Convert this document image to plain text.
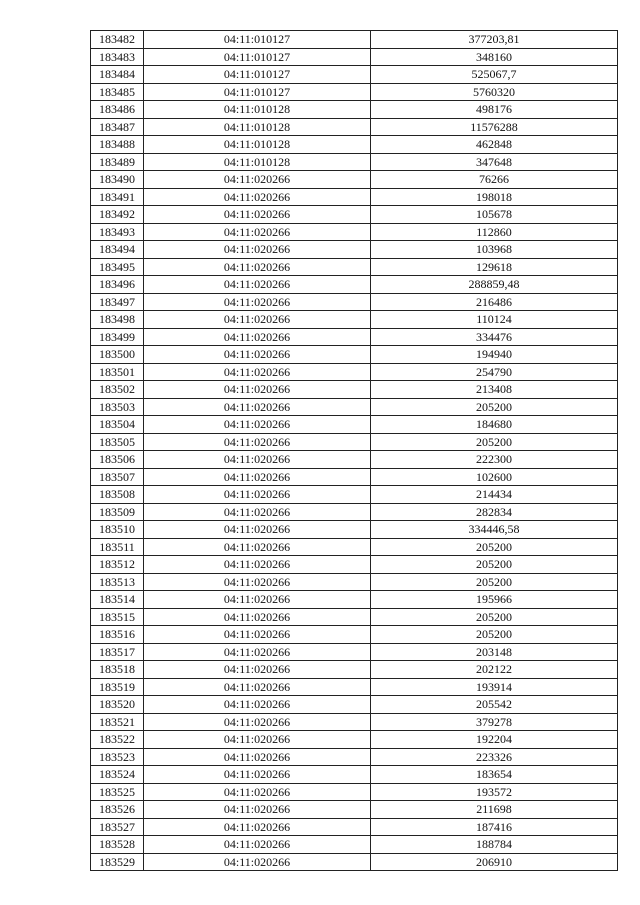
183482	04:11:010127	377203,81
183483	04:11:010127	348160
183484	04:11:010127	525067,7
183485	04:11:010127	5760320
183486	04:11:010128	498176
183487	04:11:010128	11576288
183488	04:11:010128	462848
183489	04:11:010128	347648
183490	04:11:020266	76266
183491	04:11:020266	198018
183492	04:11:020266	105678
183493	04:11:020266	112860
183494	04:11:020266	103968
183495	04:11:020266	129618
183496	04:11:020266	288859,48
183497	04:11:020266	216486
183498	04:11:020266	110124
183499	04:11:020266	334476
183500	04:11:020266	194940
183501	04:11:020266	254790
183502	04:11:020266	213408
183503	04:11:020266	205200
183504	04:11:020266	184680
183505	04:11:020266	205200
183506	04:11:020266	222300
183507	04:11:020266	102600
183508	04:11:020266	214434
183509	04:11:020266	282834
183510	04:11:020266	334446,58
183511	04:11:020266	205200
183512	04:11:020266	205200
183513	04:11:020266	205200
183514	04:11:020266	195966
183515	04:11:020266	205200
183516	04:11:020266	205200
183517	04:11:020266	203148
183518	04:11:020266	202122
183519	04:11:020266	193914
183520	04:11:020266	205542
183521	04:11:020266	379278
183522	04:11:020266	192204
183523	04:11:020266	223326
183524	04:11:020266	183654
183525	04:11:020266	193572
183526	04:11:020266	211698
183527	04:11:020266	187416
183528	04:11:020266	188784
183529	04:11:020266	206910
